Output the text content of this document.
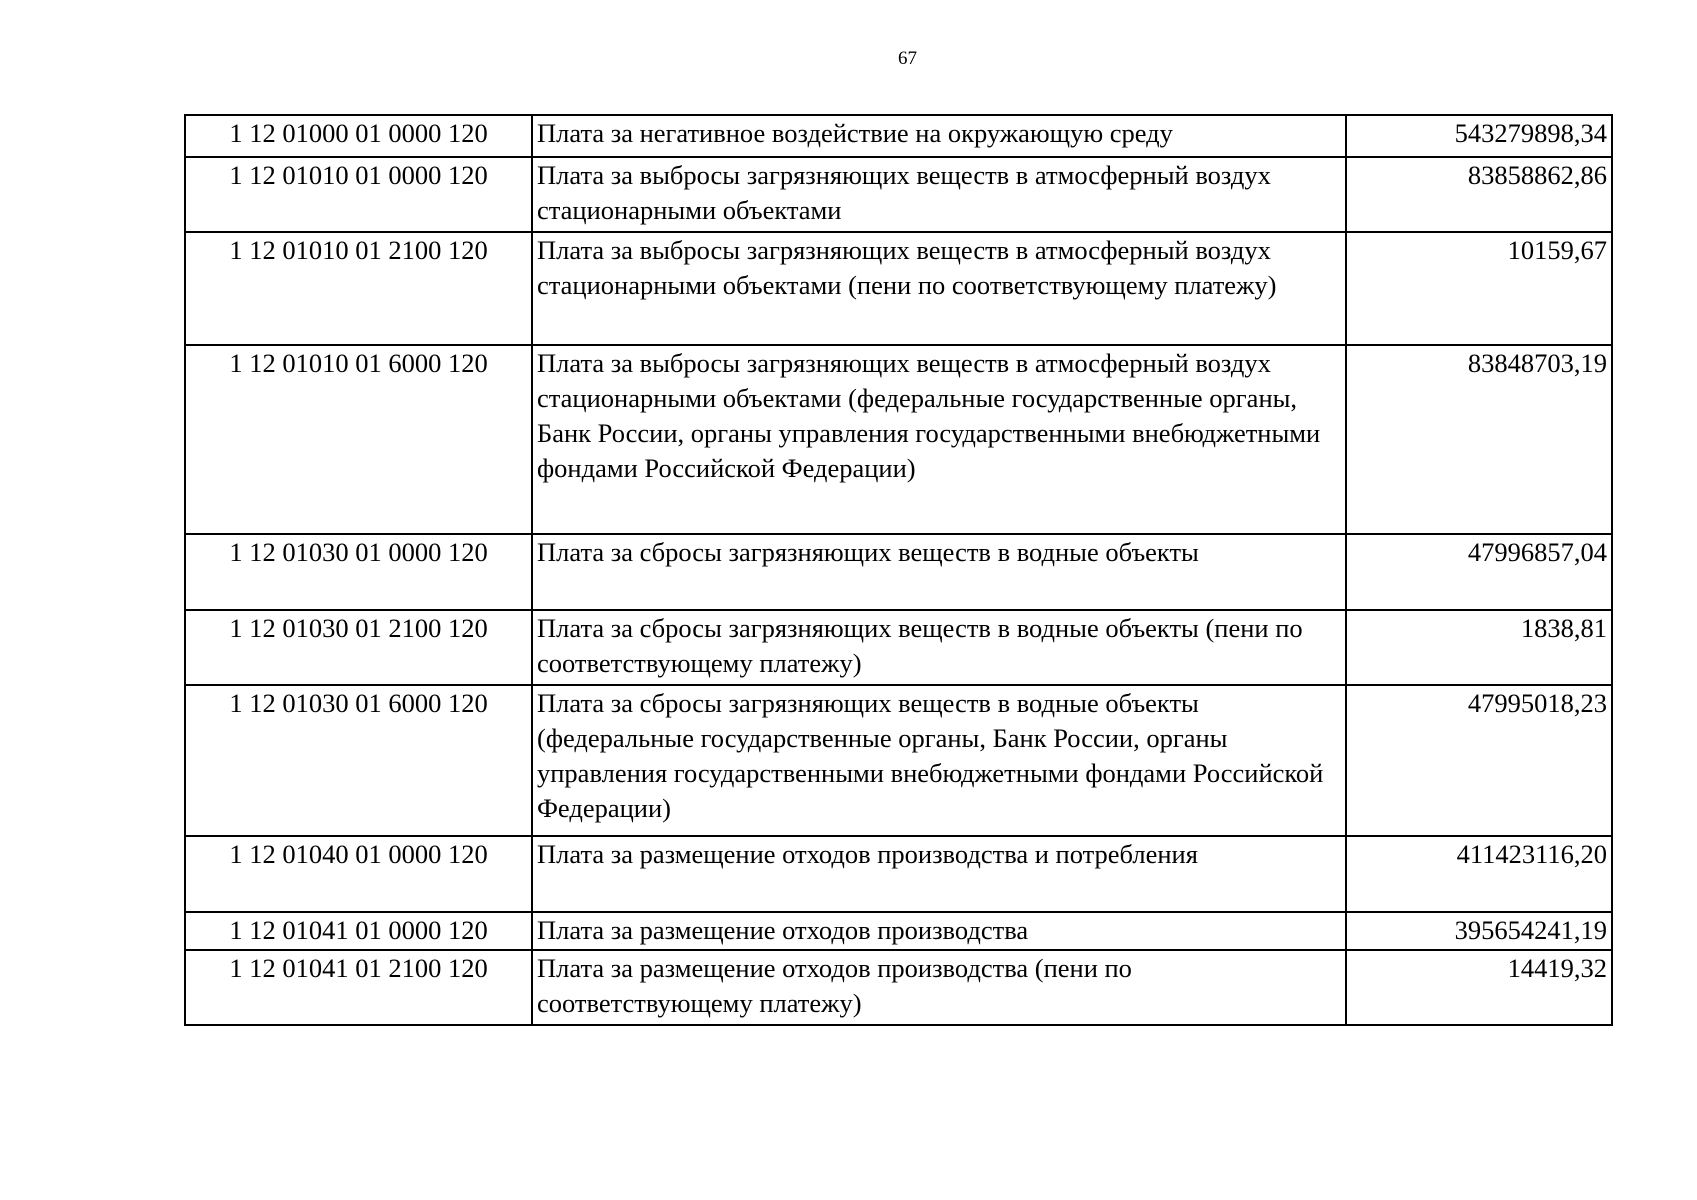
67
1 12 01000 01 0000 120	Плата за негативное воздействие на окружающую среду	543279898,34
1 12 01010 01 0000 120	Плата за выбросы загрязняющих веществ в атмосферный воздух стационарными объектами	83858862,86
1 12 01010 01 2100 120	Плата за выбросы загрязняющих веществ в атмосферный воздух стационарными объектами (пени по соответствующему платежу)	10159,67
1 12 01010 01 6000 120	Плата за выбросы загрязняющих веществ в атмосферный воздух стационарными объектами (федеральные государственные органы, Банк России, органы управления государственными внебюджетными фондами Российской Федерации)	83848703,19
1 12 01030 01 0000 120	Плата за сбросы загрязняющих веществ в водные объекты	47996857,04
1 12 01030 01 2100 120	Плата за сбросы загрязняющих веществ в водные объекты (пени по соответствующему платежу)	1838,81
1 12 01030 01 6000 120	Плата за сбросы загрязняющих веществ в водные объекты (федеральные государственные органы, Банк России, органы управления государственными внебюджетными фондами Российской Федерации)	47995018,23
1 12 01040 01 0000 120	Плата за размещение отходов производства и потребления	411423116,20
1 12 01041 01 0000 120	Плата за размещение отходов производства	395654241,19
1 12 01041 01 2100 120	Плата за размещение отходов производства (пени по соответствующему платежу)	14419,32
